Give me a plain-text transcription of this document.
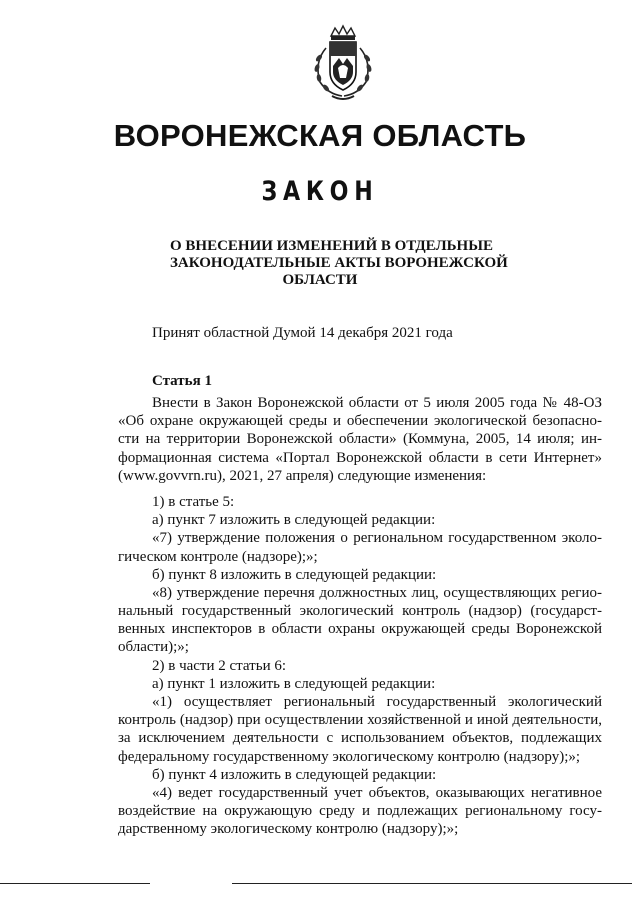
ВОРОНЕЖСКАЯ ОБЛАСТЬ
ЗАКОН
О ВНЕСЕНИИ ИЗМЕНЕНИЙ В ОТДЕЛЬНЫЕ
ЗАКОНОДАТЕЛЬНЫЕ АКТЫ ВОРОНЕЖСКОЙ
ОБЛАСТИ
Принят областной Думой 14 декабря 2021 года
Статья 1
Внести в Закон Воронежской области от 5 июля 2005 года № 48-ОЗ
«Об охране окружающей среды и обеспечении экологической безопасно-
сти на территории Воронежской области» (Коммуна, 2005, 14 июля; ин-
формационная система «Портал Воронежской области в сети Интернет»
(www.govvrn.ru), 2021, 27 апреля) следующие изменения:
1) в статье 5:
а) пункт 7 изложить в следующей редакции:
«7) утверждение положения о региональном государственном эколо-
гическом контроле (надзоре);»;
б) пункт 8 изложить в следующей редакции:
«8) утверждение перечня должностных лиц, осуществляющих регио-
нальный государственный экологический контроль (надзор) (государст-
венных инспекторов в области охраны окружающей среды Воронежской
области);»;
2) в части 2 статьи 6:
а) пункт 1 изложить в следующей редакции:
«1) осуществляет региональный государственный экологический
контроль (надзор) при осуществлении хозяйственной и иной деятельности,
за исключением деятельности с использованием объектов, подлежащих
федеральному государственному экологическому контролю (надзору);»;
б) пункт 4 изложить в следующей редакции:
«4) ведет государственный учет объектов, оказывающих негативное
воздействие на окружающую среду и подлежащих региональному госу-
дарственному экологическому контролю (надзору);»;
